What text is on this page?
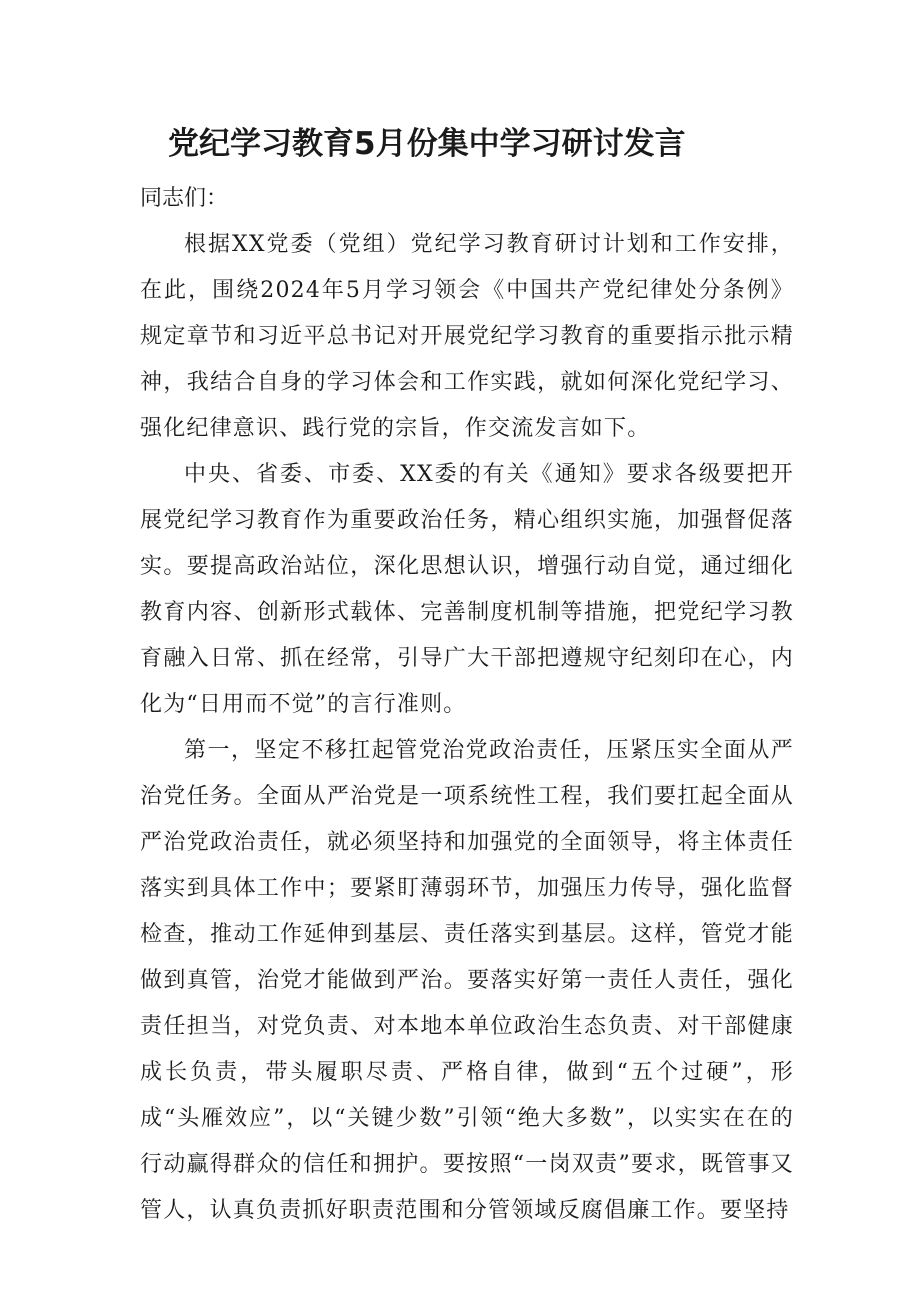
党纪学习教育5月份集中学习研讨发言

同志们：

根据XX党委（党组）党纪学习教育研讨计划和工作安排，在此，围绕2024年5月学习领会《中国共产党纪律处分条例》规定章节和习近平总书记对开展党纪学习教育的重要指示批示精神，我结合自身的学习体会和工作实践，就如何深化党纪学习、强化纪律意识、践行党的宗旨，作交流发言如下。

中央、省委、市委、XX委的有关《通知》要求各级要把开展党纪学习教育作为重要政治任务，精心组织实施，加强督促落实。要提高政治站位，深化思想认识，增强行动自觉，通过细化教育内容、创新形式载体、完善制度机制等措施，把党纪学习教育融入日常、抓在经常，引导广大干部把遵规守纪刻印在心，内化为“日用而不觉”的言行准则。

第一，坚定不移扛起管党治党政治责任，压紧压实全面从严治党任务。全面从严治党是一项系统性工程，我们要扛起全面从严治党政治责任，就必须坚持和加强党的全面领导，将主体责任落实到具体工作中；要紧盯薄弱环节，加强压力传导，强化监督检查，推动工作延伸到基层、责任落实到基层。这样，管党才能做到真管，治党才能做到严治。要落实好第一责任人责任，强化责任担当，对党负责、对本地本单位政治生态负责、对干部健康成长负责，带头履职尽责、严格自律，做到“五个过硬”，形成“头雁效应”，以“关键少数”引领“绝大多数”，以实实在在的行动赢得群众的信任和拥护。要按照“一岗双责”要求，既管事又管人，认真负责抓好职责范围和分管领域反腐倡廉工作。要坚持
